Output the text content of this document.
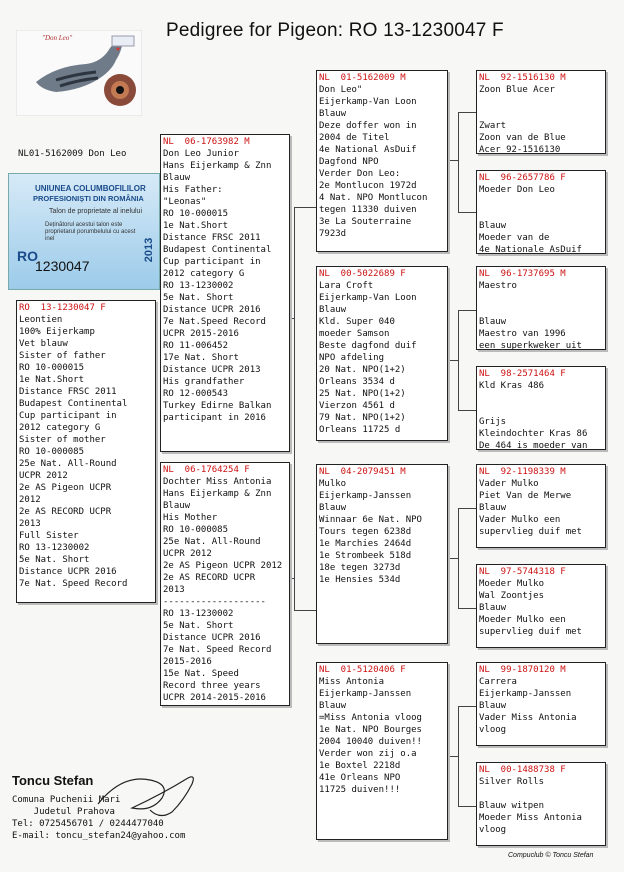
Pedigree for Pigeon: RO 13-1230047 F
"Don Leo"
NL01-5162009 Don Leo
UNIUNEA COLUMBOFILILOR
PROFESIONIȘTI DIN ROMÂNIA
Talon de proprietate al inelului
Deținătorul acestui talon este proprietarul porumbelului cu acest inel
RO
1230047
2013
RO  13-1230047 F
Leontien
100% Eijerkamp
Vet blauw
Sister of father
RO 10-000015
1e Nat.Short
Distance FRSC 2011
Budapest Continental
Cup participant in
2012 category G
Sister of mother
RO 10-000085
25e Nat. All-Round
UCPR 2012
2e AS Pigeon UCPR
2012
2e AS RECORD UCPR
2013
Full Sister
RO 13-1230002
5e Nat. Short
Distance UCPR 2016
7e Nat. Speed Record
NL  06-1763982 M
Don Leo Junior
Hans Eijerkamp & Znn
Blauw
His Father:
"Leonas"
RO 10-000015
1e Nat.Short
Distance FRSC 2011
Budapest Continental
Cup participant in
2012 category G
RO 13-1230002
5e Nat. Short
Distance UCPR 2016
7e Nat.Speed Record
UCPR 2015-2016
RO 11-006452
17e Nat. Short
Distance UCPR 2013
His grandfather
RO 12-000543
Turkey Edirne Balkan
participant in 2016
NL  06-1764254 F
Dochter Miss Antonia
Hans Eijerkamp & Znn
Blauw
His Mother
RO 10-000085
25e Nat. All-Round
UCPR 2012
2e AS Pigeon UCPR 2012
2e AS RECORD UCPR
2013
-------------------
RO 13-1230002
5e Nat. Short
Distance UCPR 2016
7e Nat. Speed Record
2015-2016
15e Nat. Speed
Record three years
UCPR 2014-2015-2016
NL  01-5162009 M
Don Leo"
Eijerkamp-Van Loon
Blauw
Deze doffer won in
2004 de Titel
4e National AsDuif
Dagfond NPO
Verder Don Leo:
2e Montlucon 1972d
4 Nat. NPO Montlucon
tegen 11330 duiven
3e La Souterraine
7923d
NL  00-5022689 F
Lara Croft
Eijerkamp-Van Loon
Blauw
Kld. Super 040
moeder Samson
Beste dagfond duif
NPO afdeling
20 Nat. NPO(1+2)
Orleans 3534 d
25 Nat. NPO(1+2)
Vierzon 4561 d
79 Nat. NPO(1+2)
Orleans 11725 d
NL  04-2079451 M
Mulko
Eijerkamp-Janssen
Blauw
Winnaar 6e Nat. NPO
Tours tegen 6238d
1e Marchies 2464d
1e Strombeek 518d
18e tegen 3273d
1e Hensies 534d
NL  01-5120406 F
Miss Antonia
Eijerkamp-Janssen
Blauw
=Miss Antonia vloog
1e Nat. NPO Bourges
2004 10040 duiven!!
Verder won zij o.a
1e Boxtel 2218d
41e Orleans NPO
11725 duiven!!!
NL  92-1516130 M
Zoon Blue Acer

Zwart
Zoon van de Blue
Acer 92-1516130
NL  96-2657786 F
Moeder Don Leo

Blauw
Moeder van de
4e Nationale AsDuif
NL  96-1737695 M
Maestro

Blauw
Maestro van 1996
een superkweker uit
NL  98-2571464 F
Kld Kras 486

Grijs
Kleindochter Kras 86
De 464 is moeder van
NL  92-1198339 M
Vader Mulko
Piet Van de Merwe
Blauw
Vader Mulko een
supervlieg duif met
NL  97-5744318 F
Moeder Mulko
Wal Zoontjes
Blauw
Moeder Mulko een
supervlieg duif met
NL  99-1870120 M
Carrera
Eijerkamp-Janssen
Blauw
Vader Miss Antonia
vloog
NL  00-1488738 F
Silver Rolls

Blauw witpen
Moeder Miss Antonia
vloog
Toncu Stefan
Comuna Puchenii Mari
Judetul Prahova
Tel: 0725456701 / 0244477040
E-mail: toncu_stefan24@yahoo.com
Compuclub © Toncu Stefan
